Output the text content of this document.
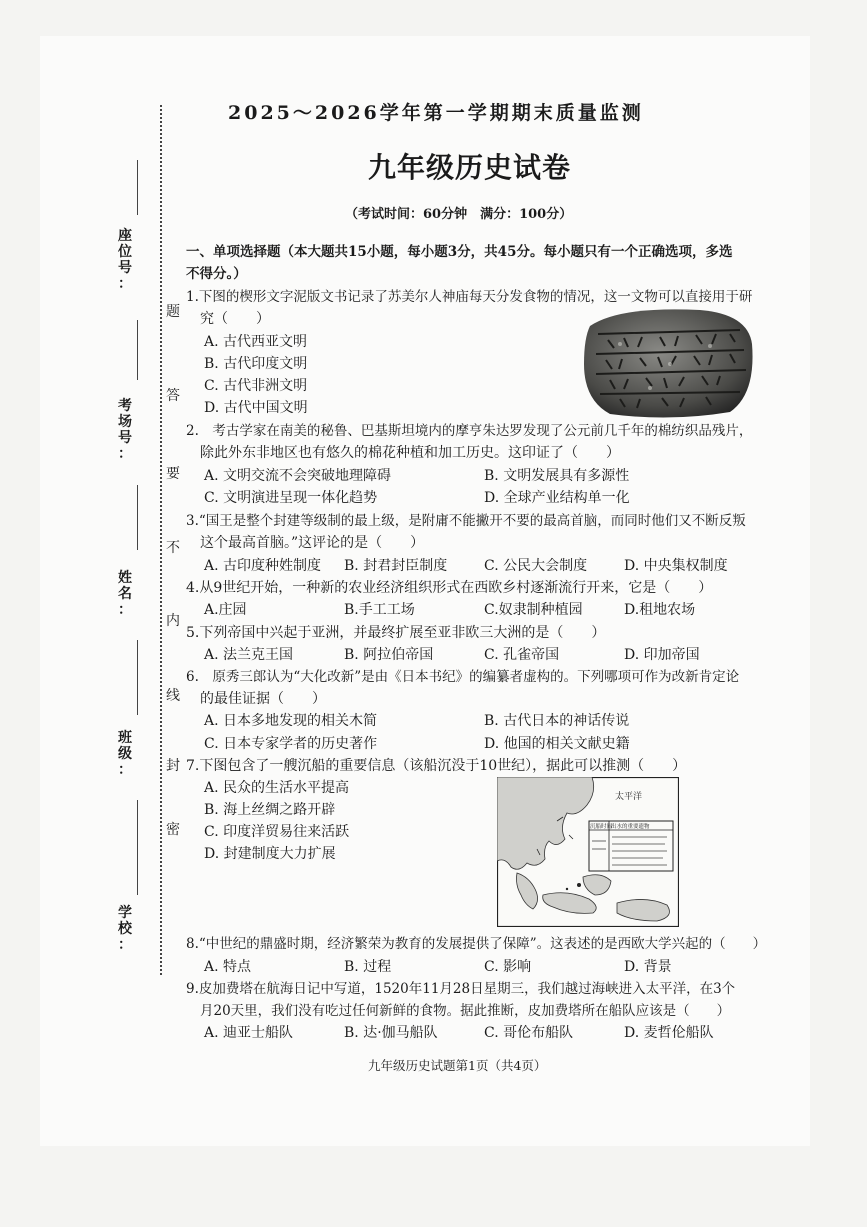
座
位
号
：
考
场
号
：
姓
名
：
班
级
：
学
校
：
密
封
线
内
不
要
答
题
2025～2026学年第一学期期末质量监测
九年级历史试卷
（考试时间：60分钟　满分：100分）
一、单项选择题（本大题共15小题，每小题3分，共45分。每小题只有一个正确选项，多选
不得分。）
1.下图的楔形文字泥版文书记录了苏美尔人神庙每天分发食物的情况，这一文物可以直接用于研
究（　　）
A. 古代西亚文明
B. 古代印度文明
C. 古代非洲文明
D. 古代中国文明
2.　考古学家在南美的秘鲁、巴基斯坦境内的摩亨朱达罗发现了公元前几千年的棉纺织品残片，
除此外东非地区也有悠久的棉花种植和加工历史。这印证了（　　）
A. 文明交流不会突破地理障碍	B. 文明发展具有多源性
C. 文明演进呈现一体化趋势	D. 全球产业结构单一化
3.“国王是整个封建等级制的最上级，是附庸不能撇开不要的最高首脑，而同时他们又不断反叛
这个最高首脑。”这评论的是（　　）
A. 古印度种姓制度 B. 封君封臣制度	C. 公民大会制度	D. 中央集权制度
4.从9世纪开始，一种新的农业经济组织形式在西欧乡村逐渐流行开来，它是（　　）
A.庄园	B.手工工场	C.奴隶制种植园	D.租地农场
5.下列帝国中兴起于亚洲，并最终扩展至亚非欧三大洲的是（　　）
A. 法兰克王国	B. 阿拉伯帝国	C. 孔雀帝国	D. 印加帝国
6.　原秀三郎认为“大化改新”是由《日本书纪》的编纂者虚构的。下列哪项可作为改新肯定论
的最佳证据（　　）
A. 日本多地发现的相关木简	B. 古代日本的神话传说
C. 日本专家学者的历史著作	D. 他国的相关文献史籍
7.下图包含了一艘沉船的重要信息（该船沉没于10世纪），据此可以推测（　　）
A. 民众的生活水平提高
B. 海上丝绸之路开辟
C. 印度洋贸易往来活跃
D. 封建制度大力扩展
太平洋
沉船时间
出水的重要遗物
8.“中世纪的鼎盛时期，经济繁荣为教育的发展提供了保障”。这表述的是西欧大学兴起的（　　）
A. 特点	B. 过程	C. 影响	D. 背景
9.皮加费塔在航海日记中写道，1520年11月28日星期三，我们越过海峡进入太平洋，在3个
月20天里，我们没有吃过任何新鲜的食物。据此推断，皮加费塔所在船队应该是（　　）
A. 迪亚士船队	B. 达·伽马船队	C. 哥伦布船队	D. 麦哲伦船队
九年级历史试题第1页（共4页）
